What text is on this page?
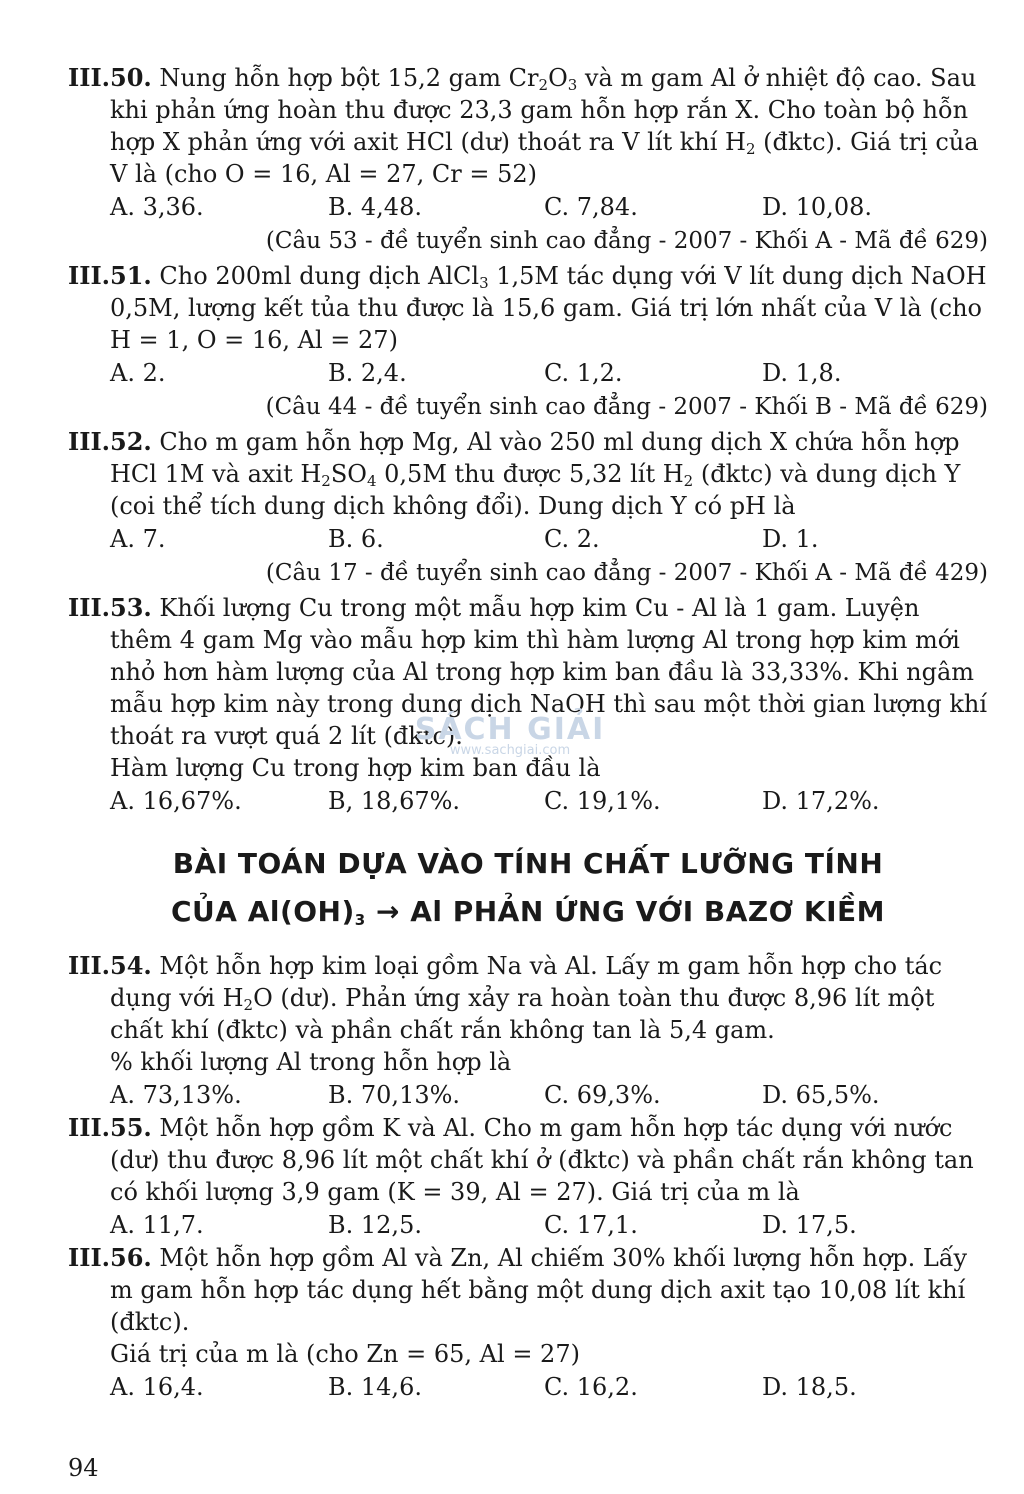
III.50. Nung hỗn hợp bột 15,2 gam $Cr_2O_3$ và m gam Al ở nhiệt độ cao. Sau khi phản ứng hoàn thu được 23,3 gam hỗn hợp rắn X. Cho toàn bộ hỗn hợp X phản ứng với axit HCl (dư) thoát ra V lít khí $H_2$ (đktc). Giá trị của V là (cho O = 16, Al = 27, Cr = 52)

A. 3,36.	B. 4,48.	C. 7,84.	D. 10,08.
(Câu 53 - đề tuyển sinh cao đẳng - 2007 - Khối A - Mã đề 629)

III.51. Cho 200ml dung dịch AlCl$_3$ 1,5M tác dụng với V lít dung dịch NaOH 0,5M, lượng kết tủa thu được là 15,6 gam. Giá trị lớn nhất của V là (cho H = 1, O = 16, Al = 27)

A. 2.	B. 2,4.	C. 1,2.	D. 1,8.
(Câu 44 - đề tuyển sinh cao đẳng - 2007 - Khối B - Mã đề 629)

III.52. Cho m gam hỗn hợp Mg, Al vào 250 ml dung dịch X chứa hỗn hợp HCl 1M và axit $H_2SO_4$ 0,5M thu được 5,32 lít $H_2$ (đktc) và dung dịch Y (coi thể tích dung dịch không đổi). Dung dịch Y có pH là

A. 7.	B. 6.	C. 2.	D. 1.
(Câu 17 - đề tuyển sinh cao đẳng - 2007 - Khối A - Mã đề 429)

III.53. Khối lượng Cu trong một mẫu hợp kim Cu - Al là 1 gam. Luyện thêm 4 gam Mg vào mẫu hợp kim thì hàm lượng Al trong hợp kim mới nhỏ hơn hàm lượng của Al trong hợp kim ban đầu là 33,33%. Khi ngâm mẫu hợp kim này trong dung dịch NaOH thì sau một thời gian lượng khí thoát ra vượt quá 2 lít (đktc).

Hàm lượng Cu trong hợp kim ban đầu là

A. 16,67%.	B, 18,67%.	C. 19,1%.	D. 17,2%.
BÀI TOÁN DỰA VÀO TÍNH CHẤT LƯỠNG TÍNH
CỦA $Al(OH)_3 \to Al$ PHẢN ỨNG VỚI BAZƠ KIỀM

III.54. Một hỗn hợp kim loại gồm Na và Al. Lấy m gam hỗn hợp cho tác dụng với $H_2O$ (dư). Phản ứng xảy ra hoàn toàn thu được 8,96 lít một chất khí (đktc) và phần chất rắn không tan là 5,4 gam.

% khối lượng Al trong hỗn hợp là

A. 73,13%.	B. 70,13%.	C. 69,3%.	D. 65,5%.

III.55. Một hỗn hợp gồm K và Al. Cho m gam hỗn hợp tác dụng với nước (dư) thu được 8,96 lít một chất khí ở (đktc) và phần chất rắn không tan có khối lượng 3,9 gam (K = 39, Al = 27). Giá trị của m là

A. 11,7.	B. 12,5.	C. 17,1.	D. 17,5.

III.56. Một hỗn hợp gồm Al và Zn, Al chiếm 30% khối lượng hỗn hợp. Lấy m gam hỗn hợp tác dụng hết bằng một dung dịch axit tạo 10,08 lít khí (đktc).

Giá trị của m là (cho Zn = 65, Al = 27)

A. 16,4.	B. 14,6.	C. 16,2.	D. 18,5.
SÁCH GIẢI
www.sachgiai.com
94
